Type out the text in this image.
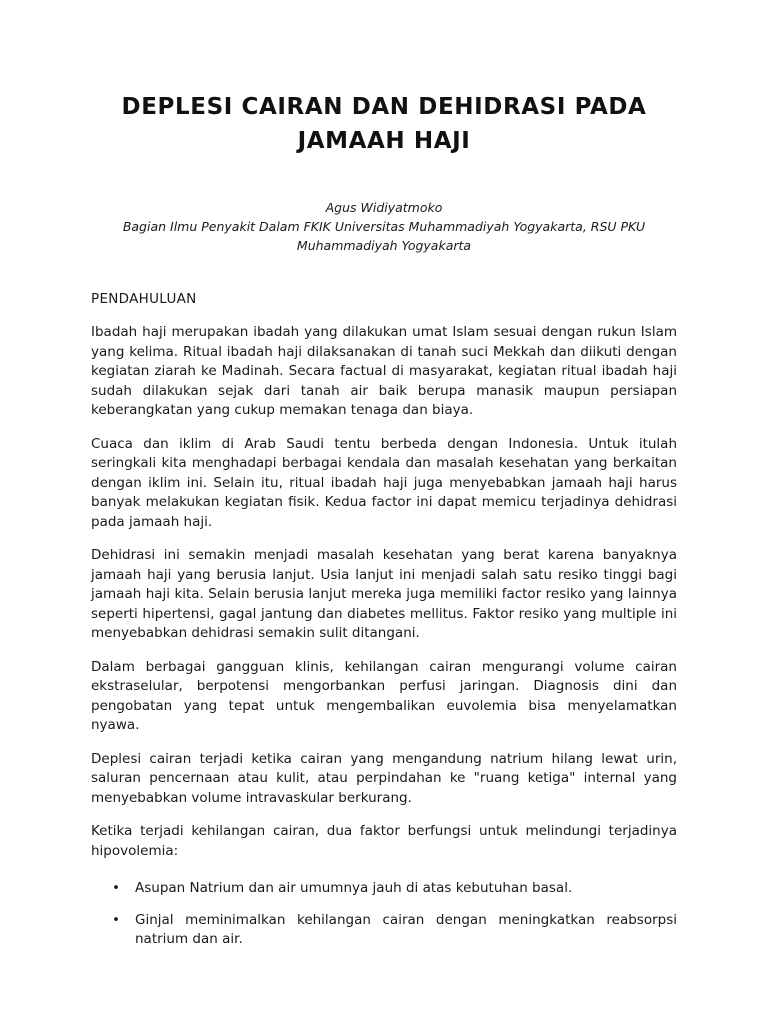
DEPLESI CAIRAN DAN DEHIDRASI PADA JAMAAH HAJI
Agus Widiyatmoko
Bagian Ilmu Penyakit Dalam FKIK Universitas Muhammadiyah Yogyakarta, RSU PKU Muhammadiyah Yogyakarta
PENDAHULUAN

Ibadah haji merupakan ibadah yang dilakukan umat Islam sesuai dengan rukun Islam yang kelima. Ritual ibadah haji dilaksanakan di tanah suci Mekkah dan diikuti dengan kegiatan ziarah ke Madinah. Secara factual di masyarakat, kegiatan ritual ibadah haji sudah dilakukan sejak dari tanah air baik berupa manasik maupun persiapan keberangkatan yang cukup memakan tenaga dan biaya.

Cuaca dan iklim di Arab Saudi tentu berbeda dengan Indonesia. Untuk itulah seringkali kita menghadapi berbagai kendala dan masalah kesehatan yang berkaitan dengan iklim ini. Selain itu, ritual ibadah haji juga menyebabkan jamaah haji harus banyak melakukan kegiatan fisik. Kedua factor ini dapat memicu terjadinya dehidrasi pada jamaah haji.

Dehidrasi ini semakin menjadi masalah kesehatan yang berat karena banyaknya jamaah haji yang berusia lanjut. Usia lanjut ini menjadi salah satu resiko tinggi bagi jamaah haji kita. Selain berusia lanjut mereka juga memiliki factor resiko yang lainnya seperti hipertensi, gagal jantung dan diabetes mellitus. Faktor resiko yang multiple ini menyebabkan dehidrasi semakin sulit ditangani.

Dalam berbagai gangguan klinis, kehilangan cairan mengurangi volume cairan ekstraselular, berpotensi mengorbankan perfusi jaringan. Diagnosis dini dan pengobatan yang tepat untuk mengembalikan euvolemia bisa menyelamatkan nyawa.

Deplesi cairan terjadi ketika cairan yang mengandung natrium hilang lewat urin, saluran pencernaan atau kulit, atau perpindahan ke "ruang ketiga" internal yang menyebabkan volume intravaskular berkurang.

Ketika terjadi kehilangan cairan, dua faktor berfungsi untuk melindungi terjadinya hipovolemia:

• Asupan Natrium dan air umumnya jauh di atas kebutuhan basal.
• Ginjal meminimalkan kehilangan cairan dengan meningkatkan reabsorpsi natrium dan air.
